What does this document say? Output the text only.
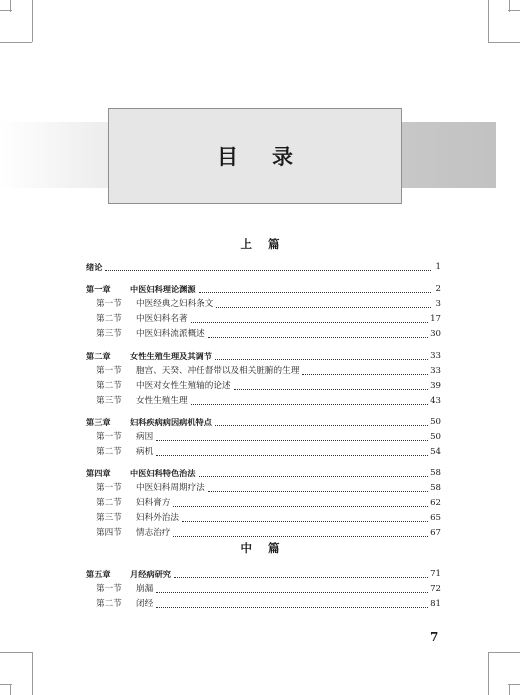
目录
上篇
中篇
绪论	1
第一章 中医妇科理论渊源	2
第一节 中医经典之妇科条文	3
第二节 中医妇科名著	17
第三节 中医妇科流派概述	30
第二章 女性生殖生理及其调节	33
第一节 胞宫、天癸、冲任督带以及相关脏腑的生理	33
第二节 中医对女性生殖轴的论述	39
第三节 女性生殖生理	43
第三章 妇科疾病病因病机特点	50
第一节 病因	50
第二节 病机	54
第四章 中医妇科特色治法	58
第一节 中医妇科周期疗法	58
第二节 妇科膏方	62
第三节 妇科外治法	65
第四节 情志治疗	67
第五章 月经病研究	71
第一节 崩漏	72
第二节 闭经	81
7
